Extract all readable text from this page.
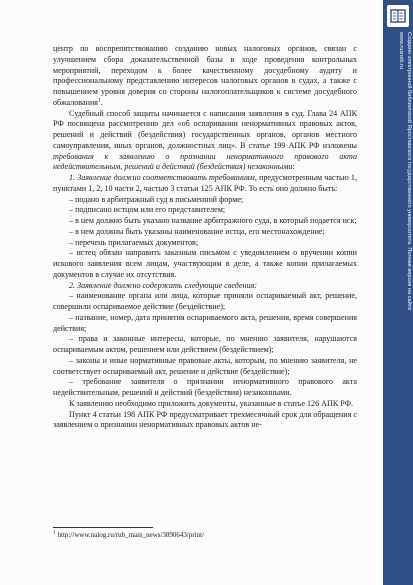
центр по воспрепятствованию созданию новых налоговых органов, связан с улучшением сбора доказательственной базы в ходе проведения контрольных мероприятий, переходом к более качественному досудебному аудиту и профессиональному представлению интересов налоговых органов в судах, а также с повышением уровня доверия со стороны налогоплательщиков к системе досудебного обжалования$^1$.

Судебный способ защиты начинается с написания заявления в суд. Глава 24 АПК РФ посвящена рассмотрению дел «об оспаривании ненормативных правовых актов, решений и действий (бездействия) государственных органов, органов местного самоуправления, иных органов, должностных лиц». В статье 199 АПК РФ изложены требования к заявлению о признании ненормативного правового акта недействительным, решений и действий (бездействия) незаконными:

1. Заявление должно соответствовать требованиям, предусмотренным частью 1, пунктами 1, 2, 10 части 2, частью 3 статьи 125 АПК РФ. То есть оно должно быть:

– подано в арбитражный суд в письменной форме;

– подписано истцом или его представителем;

– в нем должно быть указано название арбитражного суда, в который подается иск;

– в нем должны быть указаны наименование истца, его местонахождение;

– перечень прилагаемых документов;

– истец обязан направить заказным письмом с уведомлением о вручении копии искового заявления всем лицам, участвующим в деле, а также копии прилагаемых документов в случае их отсутствия.

2. Заявление должно содержать следующие сведения:

– наименование органа или лица, которые приняли оспариваемый акт, решение, совершили оспариваемое действие (бездействие);

– название, номер, дата принятия оспариваемого акта, решения, время совершения действия;

– права и законные интересы, которые, по мнению заявителя, нарушаются оспариваемым актом, решением или действием (бездействием);

– законы и иные нормативные правовые акты, которым, по мнению заявителя, не соответствует оспариваемый акт, решение и действие (бездействие);

– требование заявителя о признании ненормативного правового акта недействительным, решений и действий (бездействия) незаконными.

К заявлению необходимо приложить документы, указанные в статье 126 АПК РФ.

Пункт 4 статьи 198 АПК РФ предусматривает трехмесячный срок для обращения с заявлением о признании ненормативных правовых актов не-

$^1$ http://www.nalog.ru/rub_main_news/3890643/print/
Создано электронной библиотекой Ярославского государственного университета. Полная версия на сайте
www.rusneb.ru
